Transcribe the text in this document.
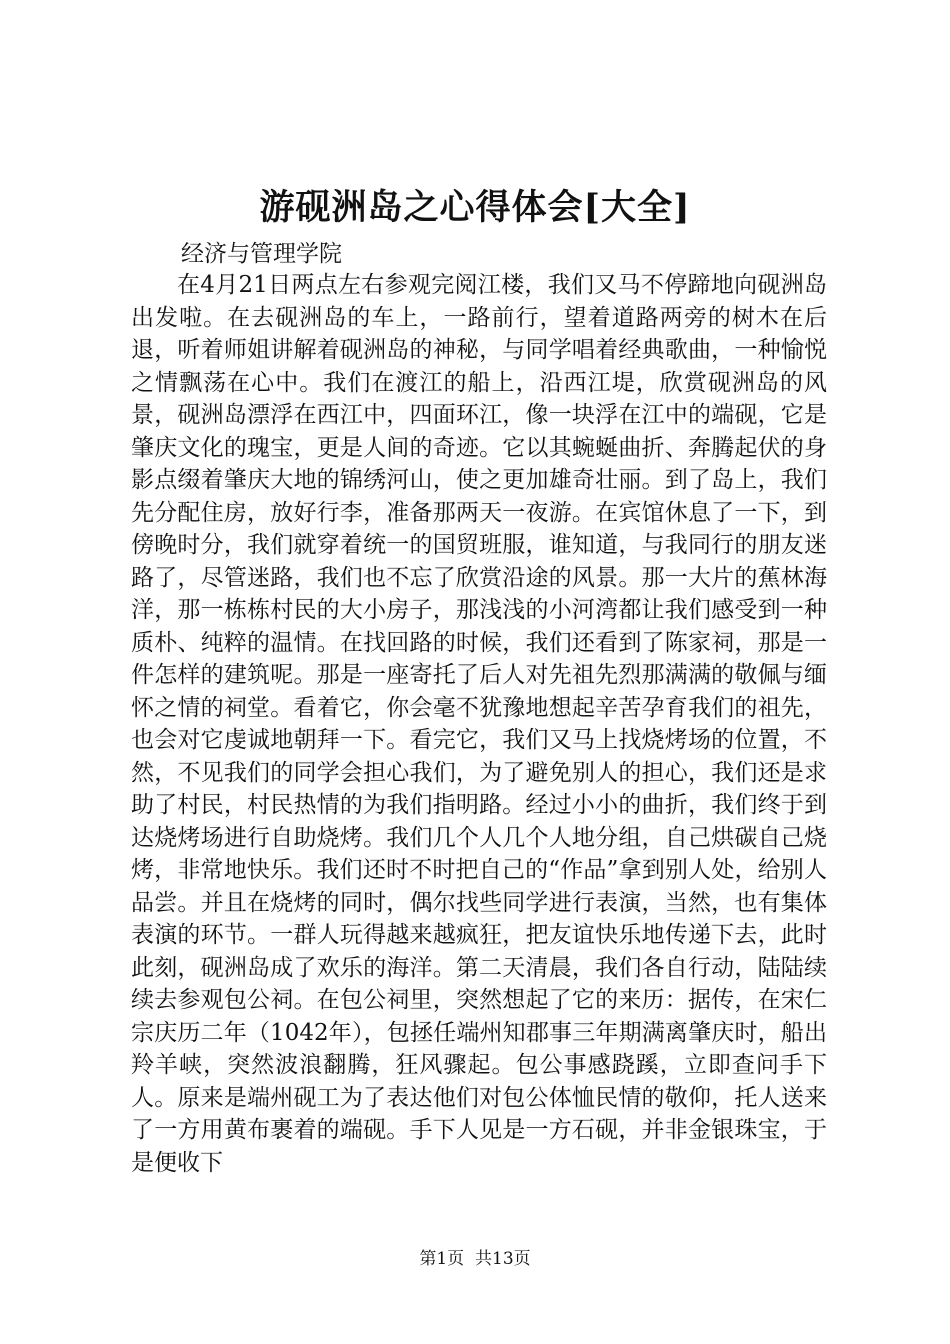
游砚洲岛之心得体会[大全]

经济与管理学院

在4月21日两点左右参观完阅江楼，我们又马不停蹄地向砚洲岛出发啦。在去砚洲岛的车上，一路前行，望着道路两旁的树木在后退，听着师姐讲解着砚洲岛的神秘，与同学唱着经典歌曲，一种愉悦之情飘荡在心中。我们在渡江的船上，沿西江堤，欣赏砚洲岛的风景，砚洲岛漂浮在西江中，四面环江，像一块浮在江中的端砚，它是肇庆文化的瑰宝，更是人间的奇迹。它以其蜿蜒曲折、奔腾起伏的身影点缀着肇庆大地的锦绣河山，使之更加雄奇壮丽。到了岛上，我们先分配住房，放好行李，准备那两天一夜游。在宾馆休息了一下，到傍晚时分，我们就穿着统一的国贸班服，谁知道，与我同行的朋友迷路了，尽管迷路，我们也不忘了欣赏沿途的风景。那一大片的蕉林海洋，那一栋栋村民的大小房子，那浅浅的小河湾都让我们感受到一种质朴、纯粹的温情。在找回路的时候，我们还看到了陈家祠，那是一件怎样的建筑呢。那是一座寄托了后人对先祖先烈那满满的敬佩与缅怀之情的祠堂。看着它，你会毫不犹豫地想起辛苦孕育我们的祖先，也会对它虔诚地朝拜一下。看完它，我们又马上找烧烤场的位置，不然，不见我们的同学会担心我们，为了避免别人的担心，我们还是求助了村民，村民热情的为我们指明路。经过小小的曲折，我们终于到达烧烤场进行自助烧烤。我们几个人几个人地分组，自己烘碳自己烧烤，非常地快乐。我们还时不时把自己的“作品”拿到别人处，给别人品尝。并且在烧烤的同时，偶尔找些同学进行表演，当然，也有集体表演的环节。一群人玩得越来越疯狂，把友谊快乐地传递下去，此时此刻，砚洲岛成了欢乐的海洋。第二天清晨，我们各自行动，陆陆续续去参观包公祠。在包公祠里，突然想起了它的来历：据传，在宋仁宗庆历二年（1042年），包拯任端州知郡事三年期满离肇庆时，船出羚羊峡，突然波浪翻腾，狂风骤起。包公事感跷蹊，立即查问手下人。原来是端州砚工为了表达他们对包公体恤民情的敬仰，托人送来了一方用黄布裹着的端砚。手下人见是一方石砚，并非金银珠宝，于是便收下

第1页 共13页
